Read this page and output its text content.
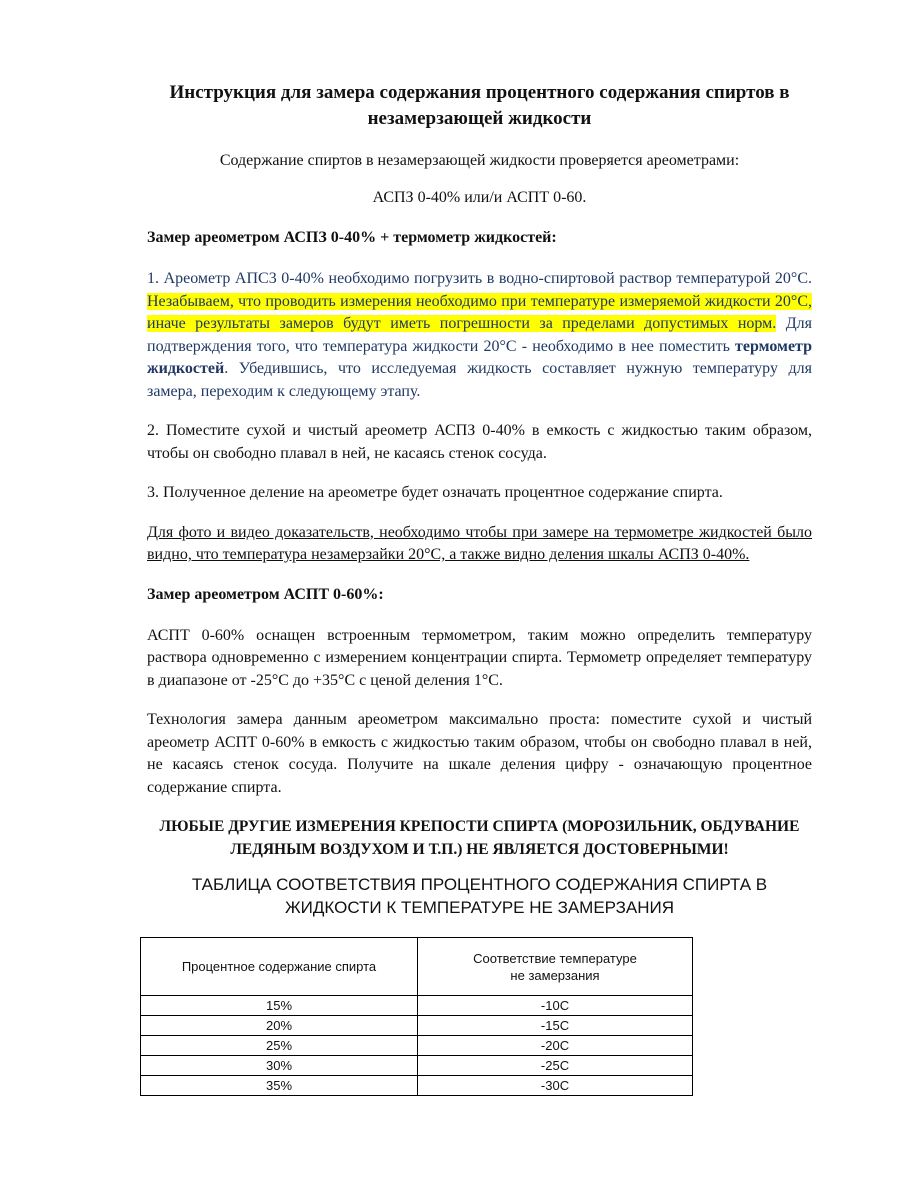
Инструкция для замера содержания процентного содержания спиртов в незамерзающей жидкости

Содержание спиртов в незамерзающей жидкости проверяется ареометрами:

АСПЗ 0-40% или/и АСПТ 0-60.

Замер ареометром АСПЗ 0-40% + термометр жидкостей:

1. Ареометр АПС3 0-40% необходимо погрузить в водно-спиртовой раствор температурой 20°С. Незабываем, что проводить измерения необходимо при температуре измеряемой жидкости 20°С, иначе результаты замеров будут иметь погрешности за пределами допустимых норм. Для подтверждения того, что температура жидкости 20°С - необходимо в нее поместить термометр жидкостей. Убедившись, что исследуемая жидкость составляет нужную температуру для замера, переходим к следующему этапу.

2. Поместите сухой и чистый ареометр АСПЗ 0-40% в емкость с жидкостью таким образом, чтобы он свободно плавал в ней, не касаясь стенок сосуда.

3. Полученное деление на ареометре будет означать процентное содержание спирта.

Для фото и видео доказательств, необходимо чтобы при замере на термометре жидкостей было видно, что температура незамерзайки 20°С, а также видно деления шкалы АСПЗ 0-40%.

Замер ареометром АСПТ 0-60%:

АСПТ 0-60% оснащен встроенным термометром, таким можно определить температуру раствора одновременно с измерением концентрации спирта. Термометр определяет температуру в диапазоне от -25°С до +35°С с ценой деления 1°С.

Технология замера данным ареометром максимально проста: поместите сухой и чистый ареометр АСПТ 0-60% в емкость с жидкостью таким образом, чтобы он свободно плавал в ней, не касаясь стенок сосуда. Получите на шкале деления цифру - означающую процентное содержание спирта.

ЛЮБЫЕ ДРУГИЕ ИЗМЕРЕНИЯ КРЕПОСТИ СПИРТА (МОРОЗИЛЬНИК, ОБДУВАНИЕ ЛЕДЯНЫМ ВОЗДУХОМ И Т.П.) НЕ ЯВЛЯЕТСЯ ДОСТОВЕРНЫМИ!

ТАБЛИЦА СООТВЕТСТВИЯ ПРОЦЕНТНОГО СОДЕРЖАНИЯ СПИРТА В ЖИДКОСТИ К ТЕМПЕРАТУРЕ НЕ ЗАМЕРЗАНИЯ

Процентное содержание спирта	Соответствие температуре
не замерзания
15%	-10С
20%	-15С
25%	-20С
30%	-25С
35%	-30С
